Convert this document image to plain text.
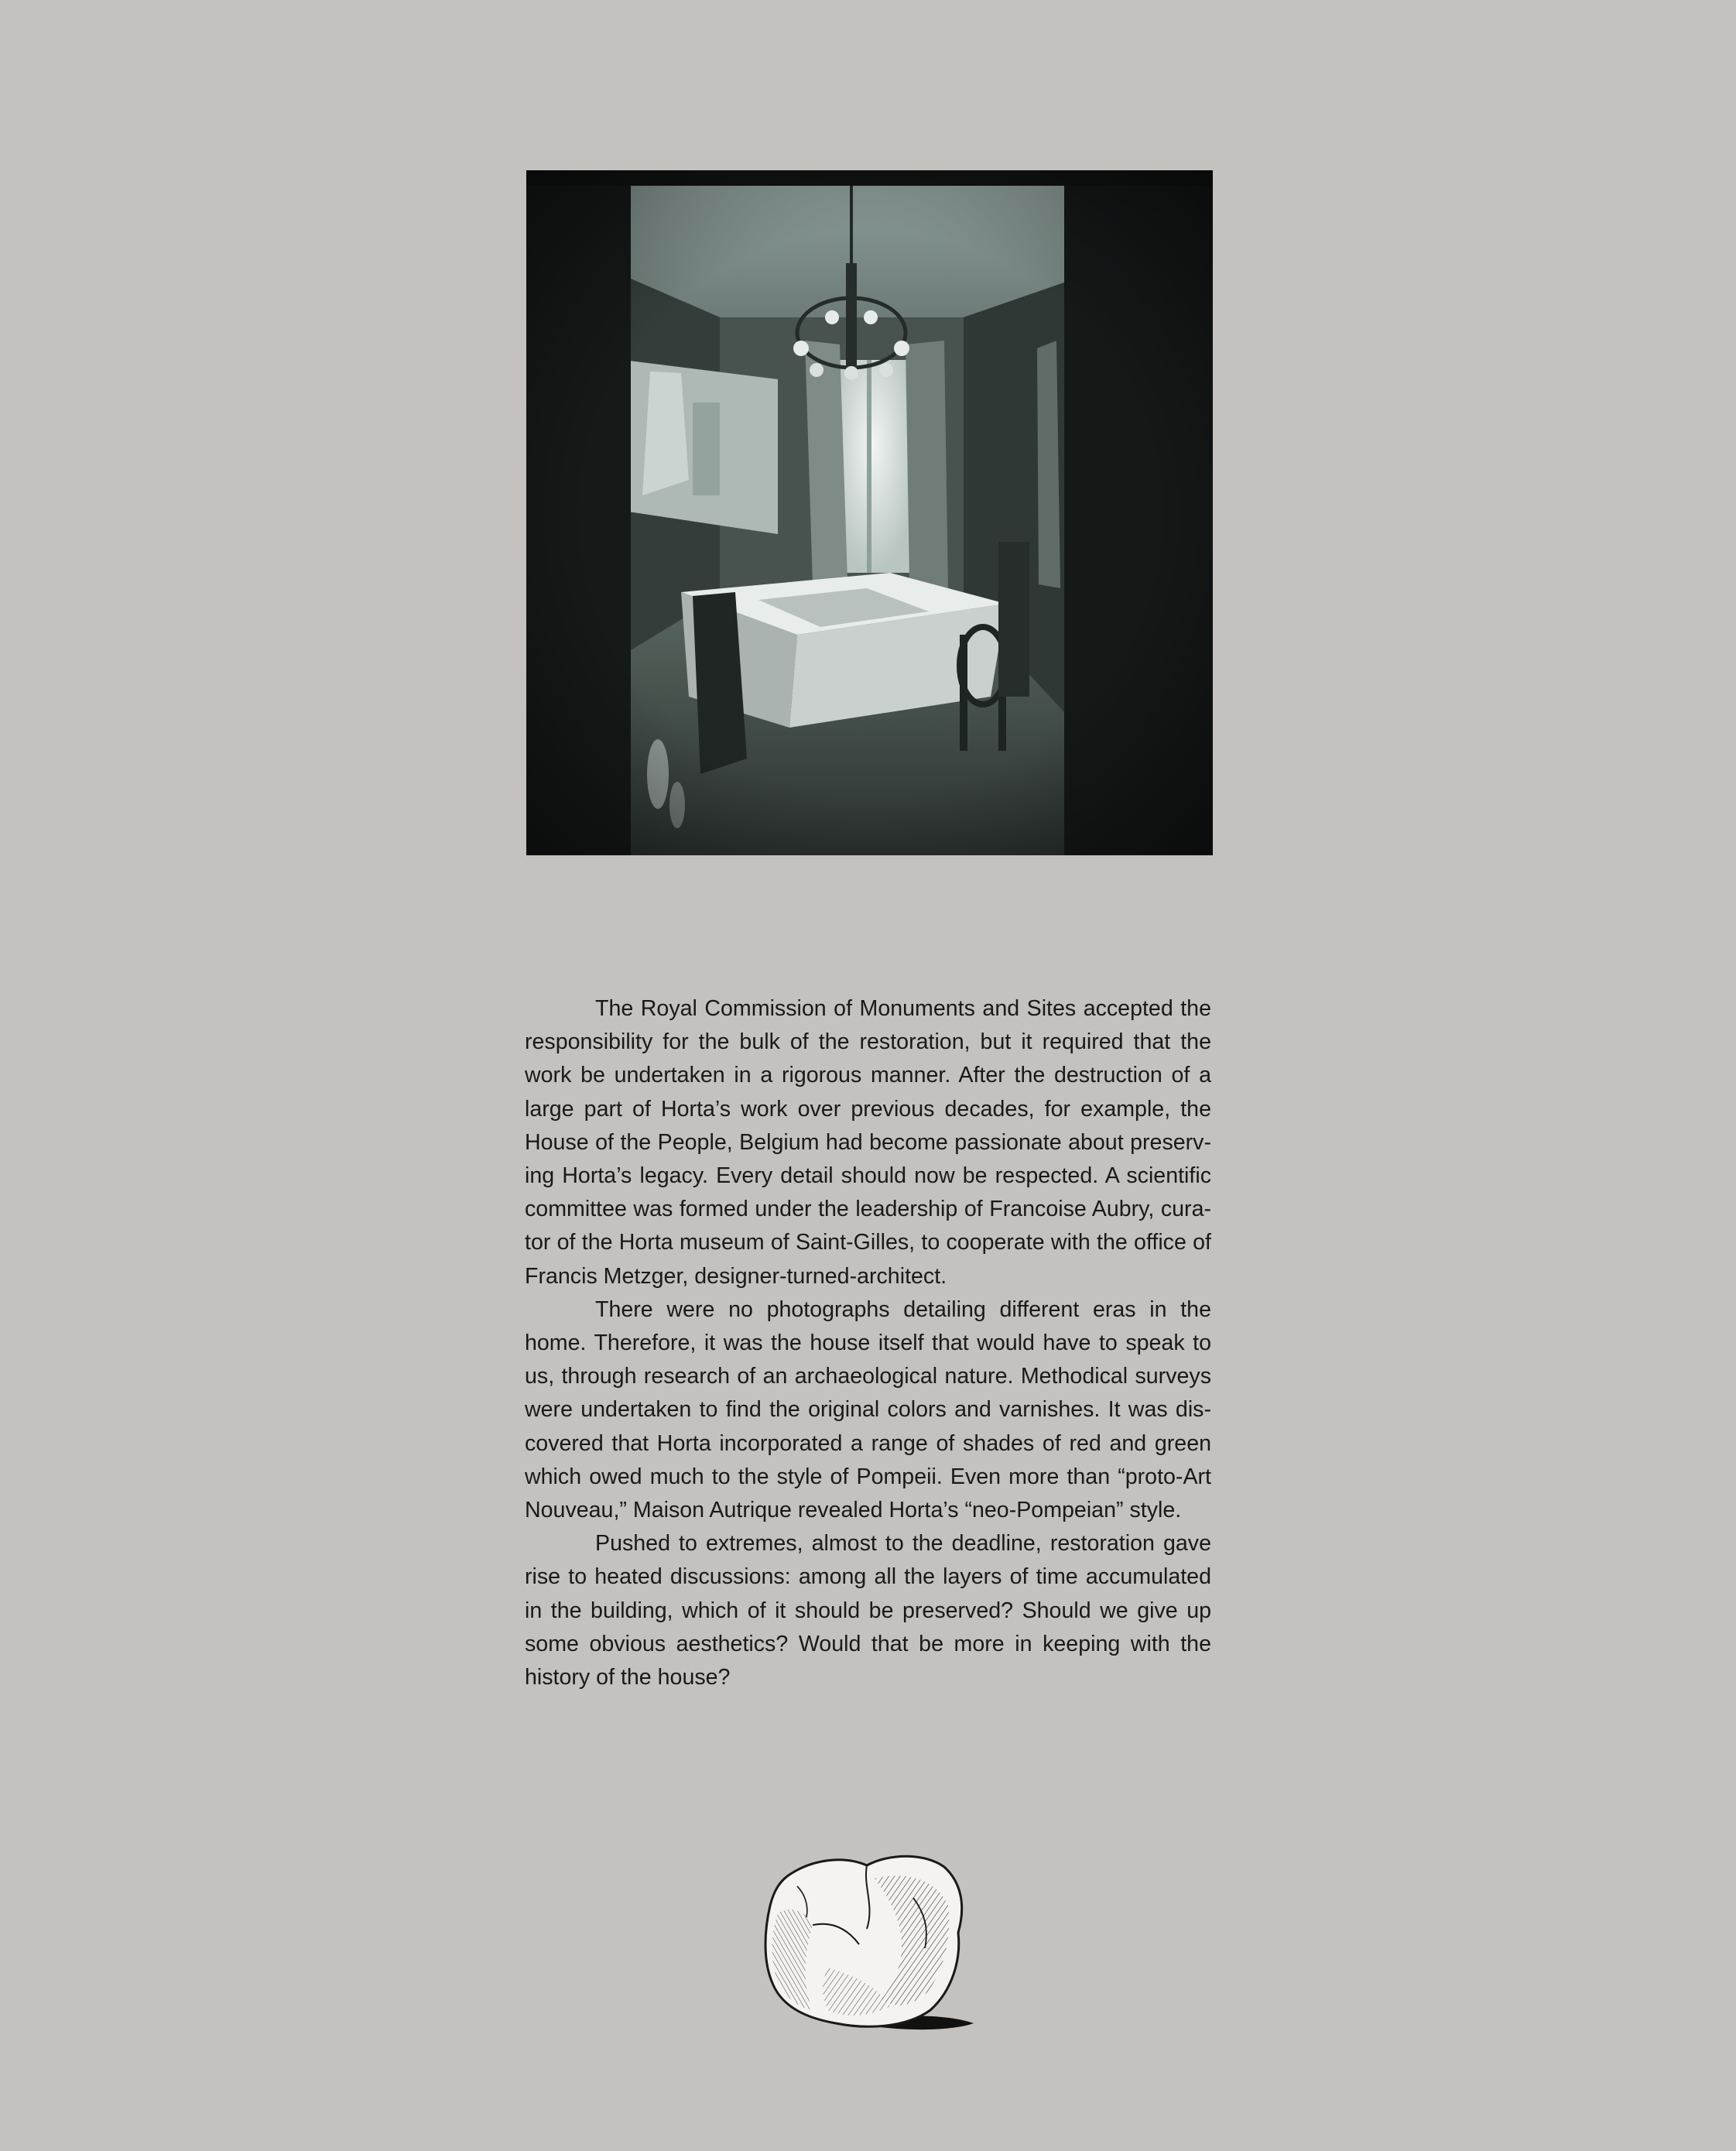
The Royal Commission of Monuments and Sites accepted the responsibility for the bulk of the restoration, but it required that the work be undertaken in a rigorous manner. After the destruction of a large part of Horta’s work over previous decades, for example, the House of the People, Belgium had become passionate about preserving Horta’s legacy. Every detail should now be respected. A scientific committee was formed under the leadership of Francoise Aubry, curator of the Horta museum of Saint-Gilles, to cooperate with the office of Francis Metzger, designer-turned-architect.

There were no photographs detailing different eras in the home. Therefore, it was the house itself that would have to speak to us, through research of an archaeological nature. Methodical surveys were undertaken to find the original colors and varnishes. It was discovered that Horta incorporated a range of shades of red and green which owed much to the style of Pompeii. Even more than “proto-Art Nouveau,” Maison Autrique revealed Horta’s “neo-Pompeian” style.

Pushed to extremes, almost to the deadline, restoration gave rise to heated discussions: among all the layers of time accumulated in the building, which of it should be preserved? Should we give up some obvious aesthetics? Would that be more in keeping with the history of the house?
